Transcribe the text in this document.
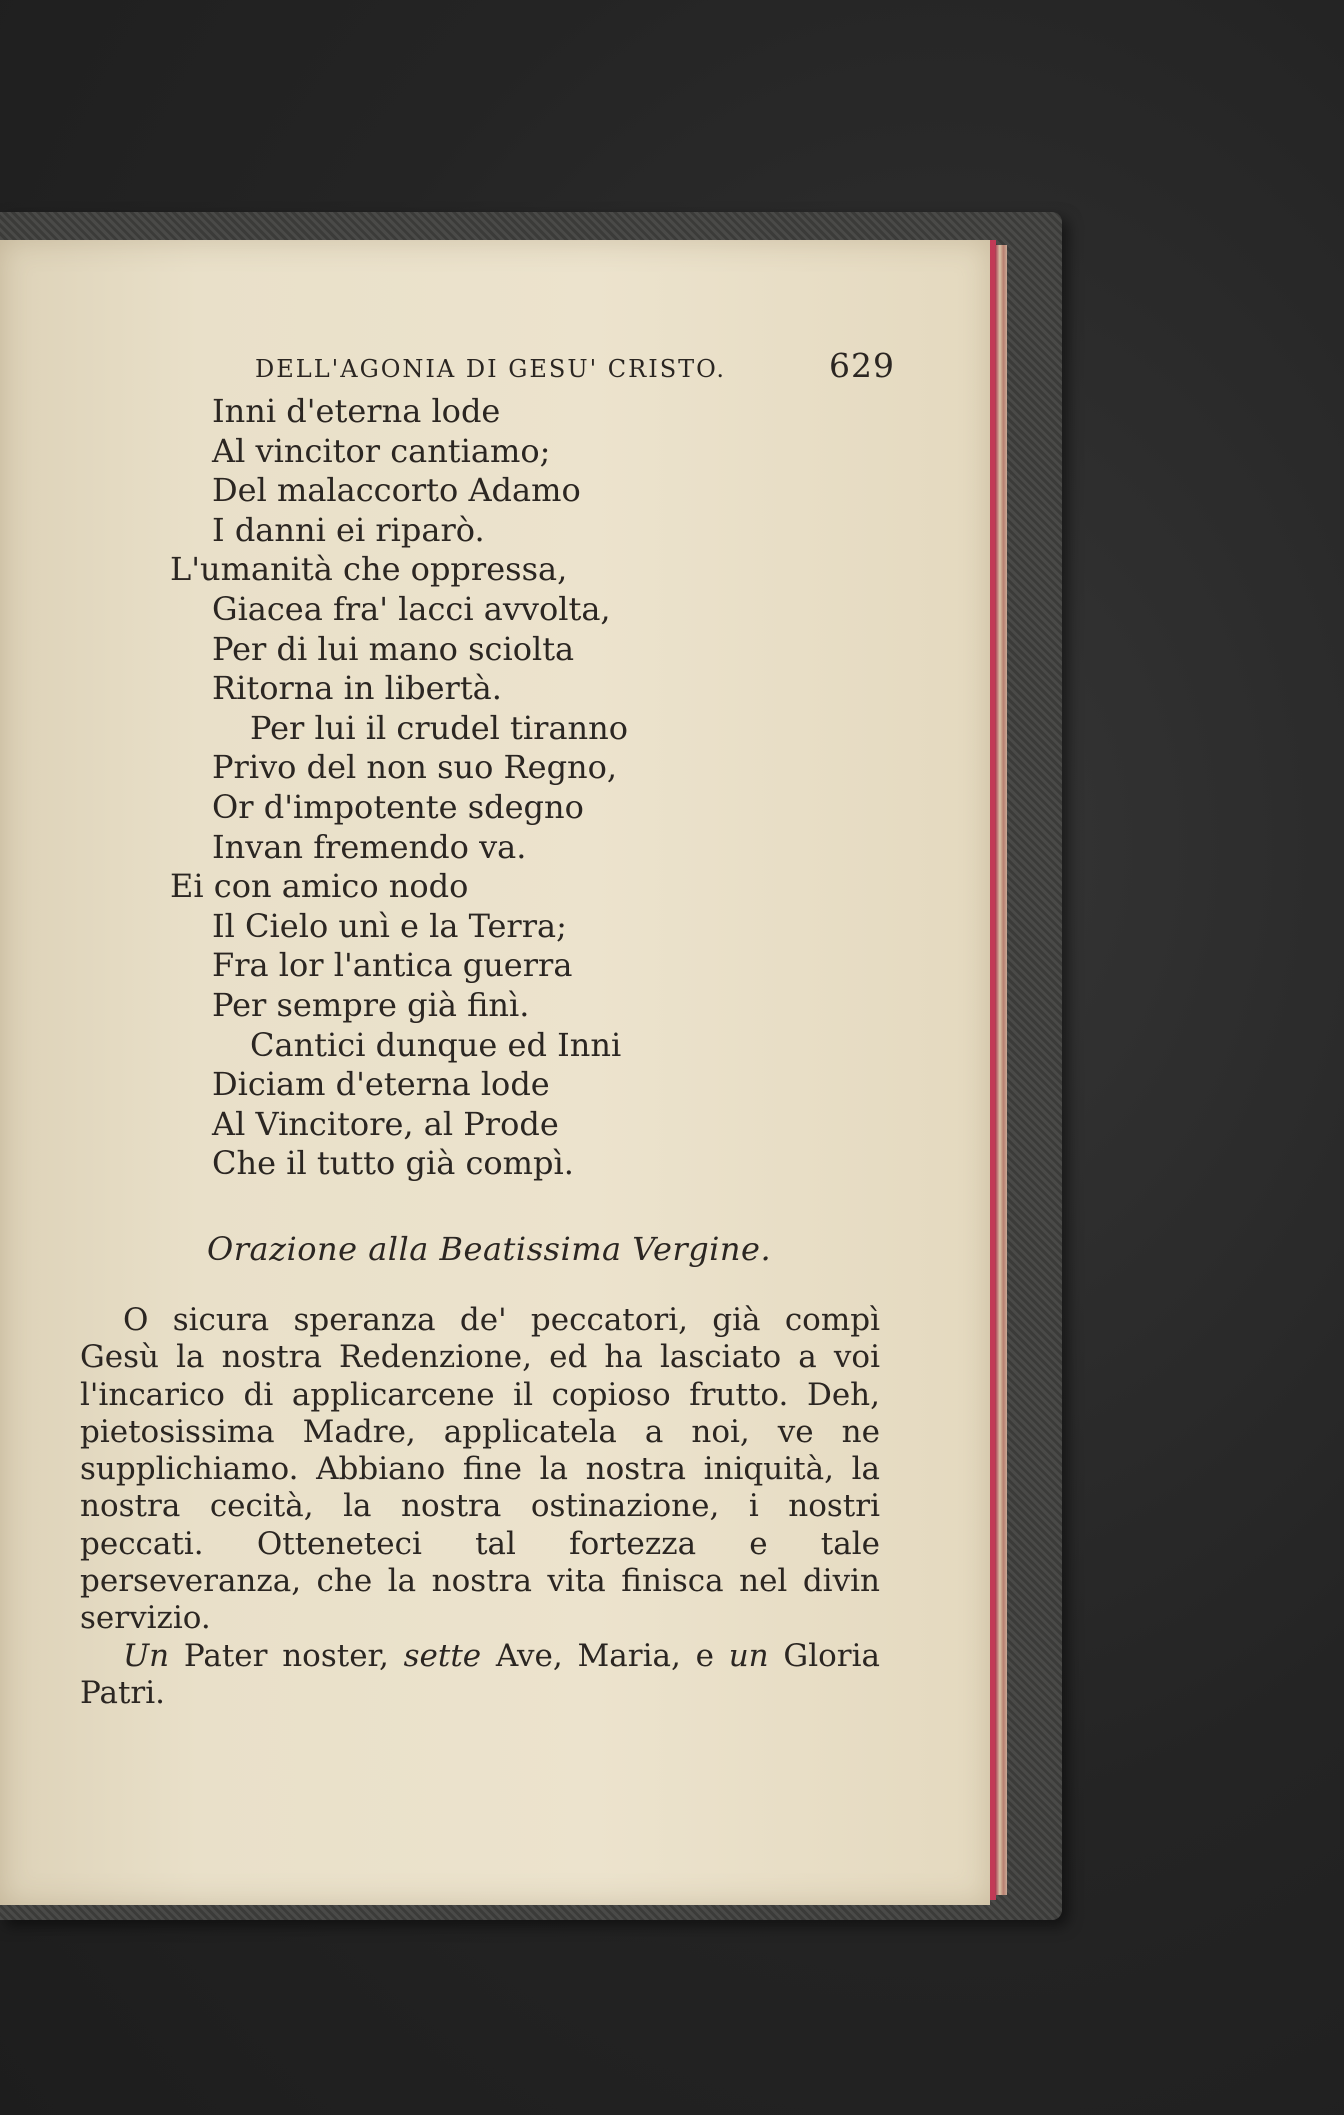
DELL'AGONIA DI GESU' CRISTO.	629
Inni d'eterna lode
Al vincitor cantiamo;
Del malaccorto Adamo
I danni ei riparò.
L'umanità che oppressa,
Giacea fra' lacci avvolta,
Per di lui mano sciolta
Ritorna in libertà.
Per lui il crudel tiranno
Privo del non suo Regno,
Or d'impotente sdegno
Invan fremendo va.
Ei con amico nodo
Il Cielo unì e la Terra;
Fra lor l'antica guerra
Per sempre già finì.
Cantici dunque ed Inni
Diciam d'eterna lode
Al Vincitore, al Prode
Che il tutto già compì.
Orazione alla Beatissima Vergine.

O sicura speranza de' peccatori, già compì Gesù la nostra Redenzione, ed ha lasciato a voi l'incarico di applicarcene il copioso frutto. Deh, pietosissima Madre, applicatela a noi, ve ne supplichiamo. Abbiano fine la nostra iniquità, la nostra cecità, la nostra ostinazione, i nostri peccati. Otteneteci tal fortezza e tale perseveranza, che la nostra vita finisca nel divin servizio.

Un Pater noster, sette Ave, Maria, e un Gloria Patri.
